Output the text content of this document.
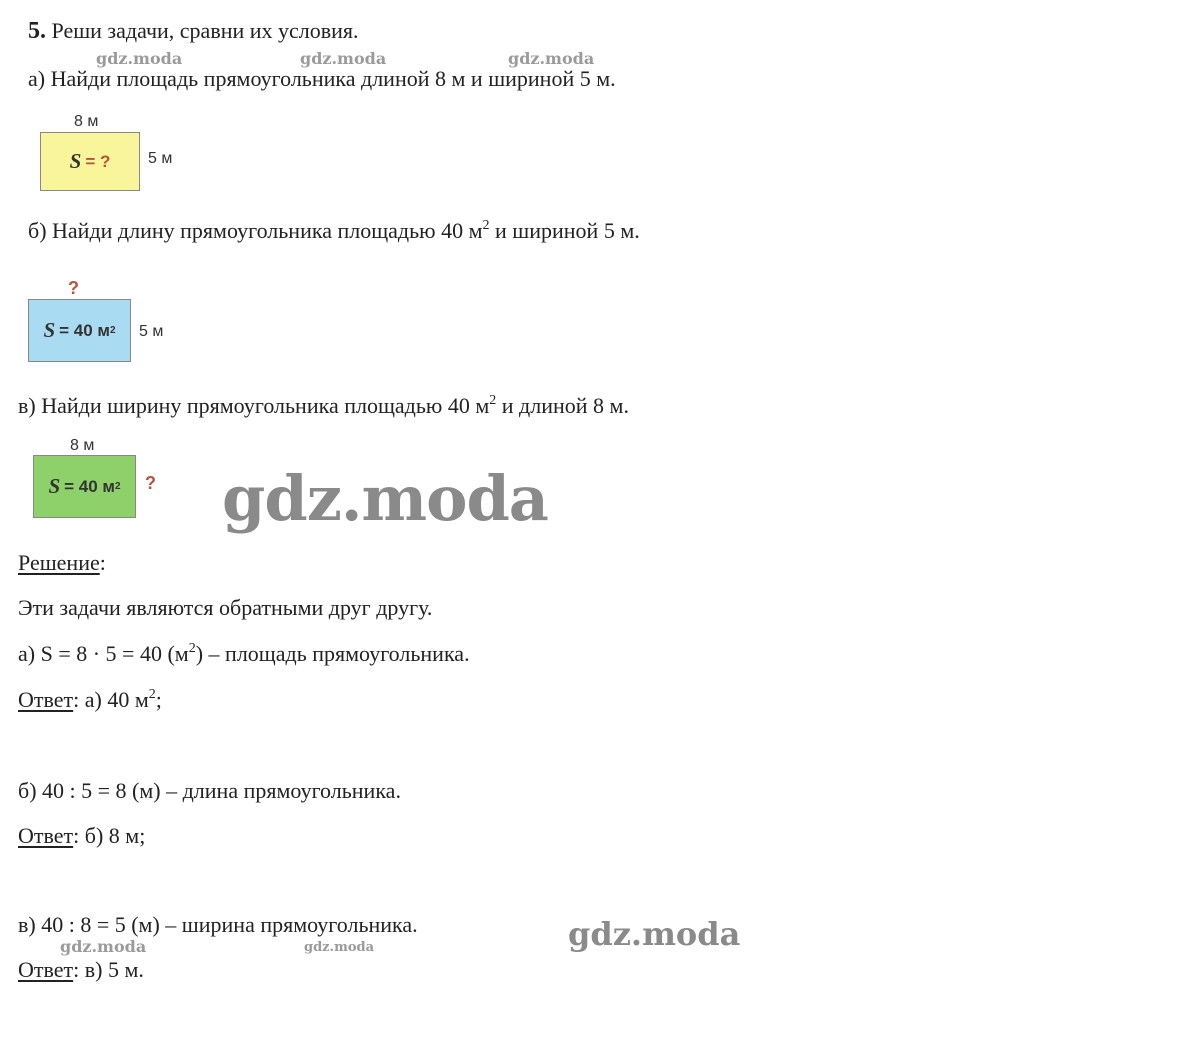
5. Реши задачи, сравни их условия.
gdz.moda	gdz.moda	gdz.moda
а) Найди площадь прямоугольника длиной 8 м и шириной 5 м.
8 м
S = ? 5 м
б) Найди длину прямоугольника площадью 40 $м^2$ и шириной 5 м.
?
S = 40 м 2 5 м
в) Найди ширину прямоугольника площадью 40 $м^2$ и длиной 8 м.
8 м
S = 40 м 2 ? gdz.moda
Решение:
Эти задачи являются обратными друг другу.
а) S = 8 · 5 = 40 $(м^2)$ – площадь прямоугольника.
Ответ: а) 40 $м^2$;
б) 40 : 5 = 8 (м) – длина прямоугольника.
Ответ: б) 8 м;
в) 40 : 8 = 5 (м) – ширина прямоугольника.
gdz.moda	gdz.moda	gdz.moda
Ответ: в) 5 м.
